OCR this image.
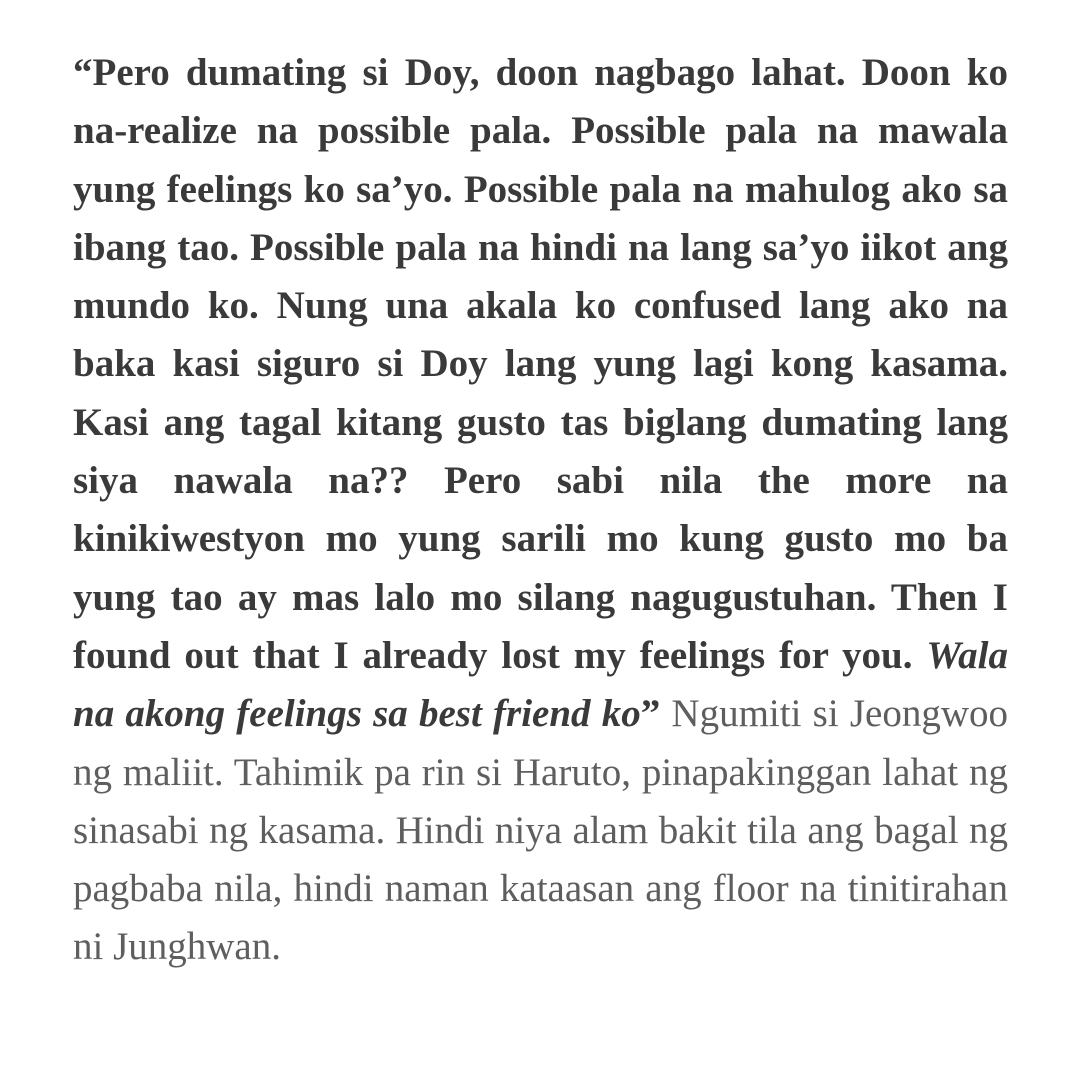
“Pero dumating si Doy, doon nagbago lahat. Doon ko na-realize na possible pala. Possible pala na mawala yung feelings ko sa’yo. Possible pala na mahulog ako sa ibang tao. Possible pala na hindi na lang sa’yo iikot ang mundo ko. Nung una akala ko confused lang ako na baka kasi siguro si Doy lang yung lagi kong kasama. Kasi ang tagal kitang gusto tas biglang dumating lang siya nawala na?? Pero sabi nila the more na kinikiwestyon mo yung sarili mo kung gusto mo ba yung tao ay mas lalo mo silang nagugustuhan. Then I found out that I already lost my feelings for you. Wala na akong feelings sa best friend ko” Ngumiti si Jeongwoo ng maliit. Tahimik pa rin si Haruto, pinapakinggan lahat ng sinasabi ng kasama. Hindi niya alam bakit tila ang bagal ng pagbaba nila, hindi naman kataasan ang floor na tinitirahan ni Junghwan.
